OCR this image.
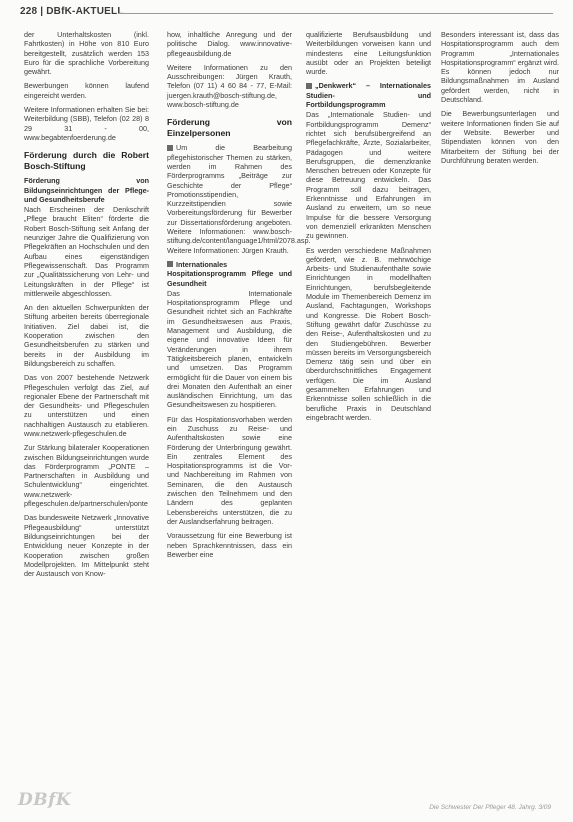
228 | DBfK-AKTUELL

der Unterhaltskosten (inkl. Fahrtkosten) in Höhe von 810 Euro bereitgestellt, zusätzlich werden 153 Euro für die sprachliche Vorbereitung gewährt.

Bewerbungen können laufend eingereicht werden.

Weitere Informationen erhalten Sie bei: Weiterbildung (SBB), Telefon (02 28) 8 29 31 - 00, www.begabtenfoerderung.de

Förderung durch die Robert Bosch-Stiftung
Förderung von Bildungseinrichtungen der Pflege- und Gesundheitsberufe

Nach Erscheinen der Denkschrift „Pflege braucht Eliten“ förderte die Robert Bosch-Stiftung seit Anfang der neunziger Jahre die Qualifizierung von Pflegekräften an Hochschulen und den Aufbau eines eigenständigen Pflegewissenschaft. Das Programm zur „Qualitätssicherung von Lehr- und Leitungskräften in der Pflege“ ist mittlerweile abgeschlossen.

An den aktuellen Schwerpunkten der Stiftung arbeiten bereits überregionale Initiativen. Ziel dabei ist, die Kooperation zwischen den Gesundheitsberufen zu stärken und bereits in der Ausbildung im Bildungsbereich zu schaffen.

Das von 2007 bestehende Netzwerk Pflegeschulen verfolgt das Ziel, auf regionaler Ebene der Partnerschaft mit der Gesundheits- und Pflegeschulen zu unterstützen und einen nachhaltigen Austausch zu etablieren. www.netzwerk-pflegeschulen.de

Zur Stärkung bilateraler Kooperationen zwischen Bildungseinrichtungen wurde das Förderprogramm „PONTE – Partnerschaften in Ausbildung und Schulentwicklung“ eingerichtet. www.netzwerk-pflegeschulen.de/partnerschulen/ponte

Das bundesweite Netzwerk „Innovative Pflegeausbildung“ unterstützt Bildungseinrichtungen bei der Entwicklung neuer Konzepte in der Kooperation zwischen großen Modellprojekten. Im Mittelpunkt steht der Austausch von Know-

how, inhaltliche Anregung und der politische Dialog. www.innovative-pflegeausbildung.de

Weitere Informationen zu den Ausschreibungen: Jürgen Krauth, Telefon (07 11) 4 60 84 - 77, E-Mail: juergen.krauth@bosch-stiftung.de, www.bosch-stiftung.de

Förderung von Einzelpersonen

Um die Bearbeitung pflegehistorischer Themen zu stärken, werden im Rahmen des Förderprogramms „Beiträge zur Geschichte der Pflege“ Promotionsstipendien, Kurzzeitstipendien sowie Vorbereitungsförderung für Bewerber zur Dissertationsförderung angeboten. Weitere Informationen: www.bosch-stiftung.de/content/language1/html/2078.asp. Weitere Informationen: Jürgen Krauth.

Internationales Hospitationsprogramm Pflege und Gesundheit

Das Internationale Hospitationsprogramm Pflege und Gesundheit richtet sich an Fachkräfte im Gesundheitswesen aus Praxis, Management und Ausbildung, die eigene und innovative Ideen für Veränderungen in ihrem Tätigkeitsbereich planen, entwickeln und umsetzen. Das Programm ermöglicht für die Dauer von einem bis drei Monaten den Aufenthalt an einer ausländischen Einrichtung, um das Gesundheitswesen zu hospitieren.

Für das Hospitationsvorhaben werden ein Zuschuss zu Reise- und Aufenthaltskosten sowie eine Förderung der Unterbringung gewährt. Ein zentrales Element des Hospitationsprogramms ist die Vor- und Nachbereitung im Rahmen von Seminaren, die den Austausch zwischen den Teilnehmern und den Ländern des geplanten Lebensbereichs unterstützen, die zu der Auslandserfahrung beitragen.

Voraussetzung für eine Bewerbung ist neben Sprachkenntnissen, dass ein Bewerber eine

qualifizierte Berufsausbildung und Weiterbildungen vorweisen kann und mindestens eine Leitungsfunktion ausübt oder an Projekten beteiligt wurde.

„Denkwerk“ – Internationales Studien- und Fortbildungsprogramm

Das „Internationale Studien- und Fortbildungsprogramm Demenz“ richtet sich berufsübergreifend an Pflegefachkräfte, Ärzte, Sozialarbeiter, Pädagogen und weitere Berufsgruppen, die demenzkranke Menschen betreuen oder Konzepte für diese Betreuung entwickeln. Das Programm soll dazu beitragen, Erkenntnisse und Erfahrungen im Ausland zu erweitern, um so neue Impulse für die bessere Versorgung von demenziell erkrankten Menschen zu gewinnen.

Es werden verschiedene Maßnahmen gefördert, wie z. B. mehrwöchige Arbeits- und Studienaufenthalte sowie Einrichtungen in modellhaften Einrichtungen, berufsbegleitende Module im Themenbereich Demenz im Ausland, Fachtagungen, Workshops und Kongresse. Die Robert Bosch-Stiftung gewährt dafür Zuschüsse zu den Reise-, Aufenthaltskosten und zu den Studiengebühren. Bewerber müssen bereits im Versorgungsbereich Demenz tätig sein und über ein überdurchschnittliches Engagement verfügen. Die im Ausland gesammelten Erfahrungen und Erkenntnisse sollen schließlich in die berufliche Praxis in Deutschland eingebracht werden.

Besonders interessant ist, dass das Hospitationsprogramm auch dem Programm „Internationales Hospitationsprogramm“ ergänzt wird. Es können jedoch nur Bildungsmaßnahmen im Ausland gefördert werden, nicht in Deutschland.

Die Bewerbungsunterlagen und weitere Informationen finden Sie auf der Website. Bewerber und Stipendiaten können von den Mitarbeitern der Stiftung bei der Durchführung beraten werden.

DBfK	Die Schwester Der Pfleger 48. Jahrg. 3/09
